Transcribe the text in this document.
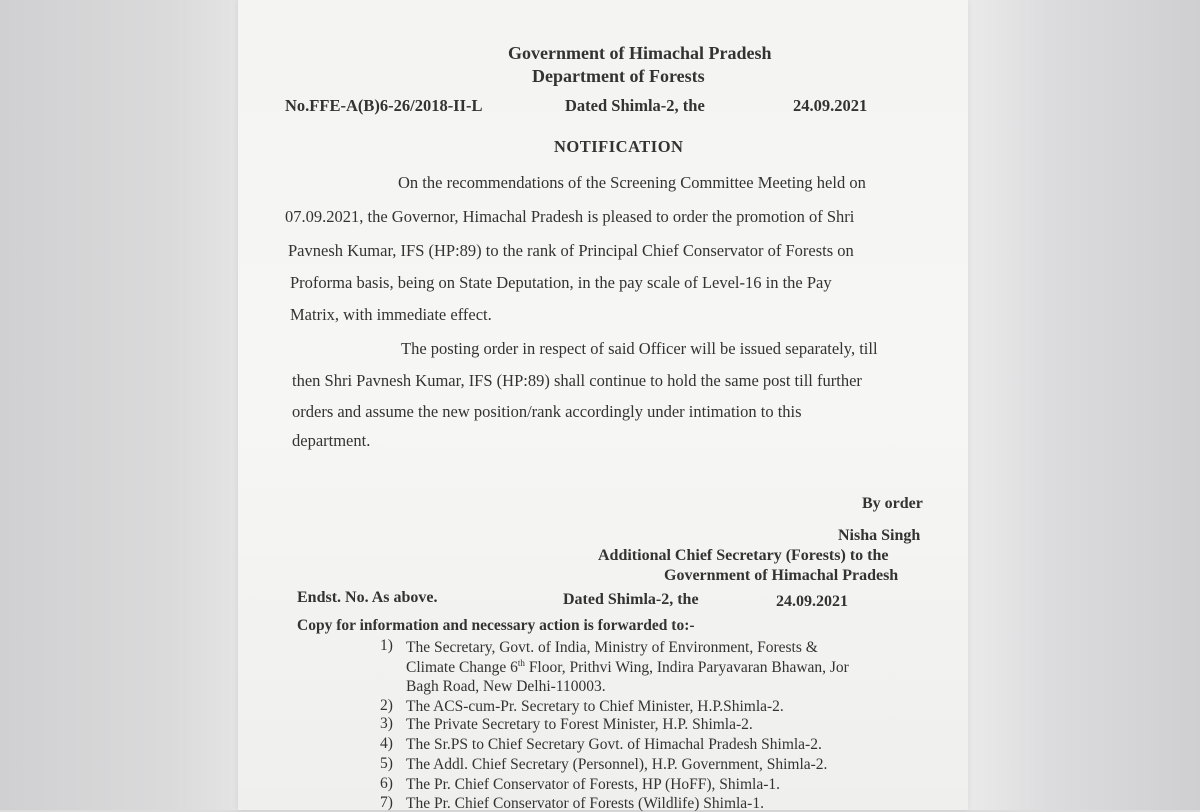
Government of Himachal Pradesh
Department of Forests
No.FFE-A(B)6-26/2018-II-L	Dated Shimla-2, the	24.09.2021
NOTIFICATION
On the recommendations of the Screening Committee Meeting held on
07.09.2021, the Governor, Himachal Pradesh is pleased to order the promotion of Shri
Pavnesh Kumar, IFS (HP:89) to the rank of Principal Chief Conservator of Forests on
Proforma basis, being on State Deputation, in the pay scale of Level-16 in the Pay
Matrix, with immediate effect.
The posting order in respect of said Officer will be issued separately, till
then Shri Pavnesh Kumar, IFS (HP:89) shall continue to hold the same post till further
orders and assume the new position/rank accordingly under intimation to this
department.
By order
Nisha Singh
Additional Chief Secretary (Forests) to the
Government of Himachal Pradesh
Endst. No. As above.	Dated Shimla-2, the	24.09.2021
Copy for information and necessary action is forwarded to:-
1) The Secretary, Govt. of India, Ministry of Environment, Forests &
Climate Change 6th Floor, Prithvi Wing, Indira Paryavaran Bhawan, Jor
Bagh Road, New Delhi-110003.
2) The ACS-cum-Pr. Secretary to Chief Minister, H.P.Shimla-2.
3) The Private Secretary to Forest Minister, H.P. Shimla-2.
4) The Sr.PS to Chief Secretary Govt. of Himachal Pradesh Shimla-2.
5) The Addl. Chief Secretary (Personnel), H.P. Government, Shimla-2.
6) The Pr. Chief Conservator of Forests, HP (HoFF), Shimla-1.
7) The Pr. Chief Conservator of Forests (Wildlife) Shimla-1.
